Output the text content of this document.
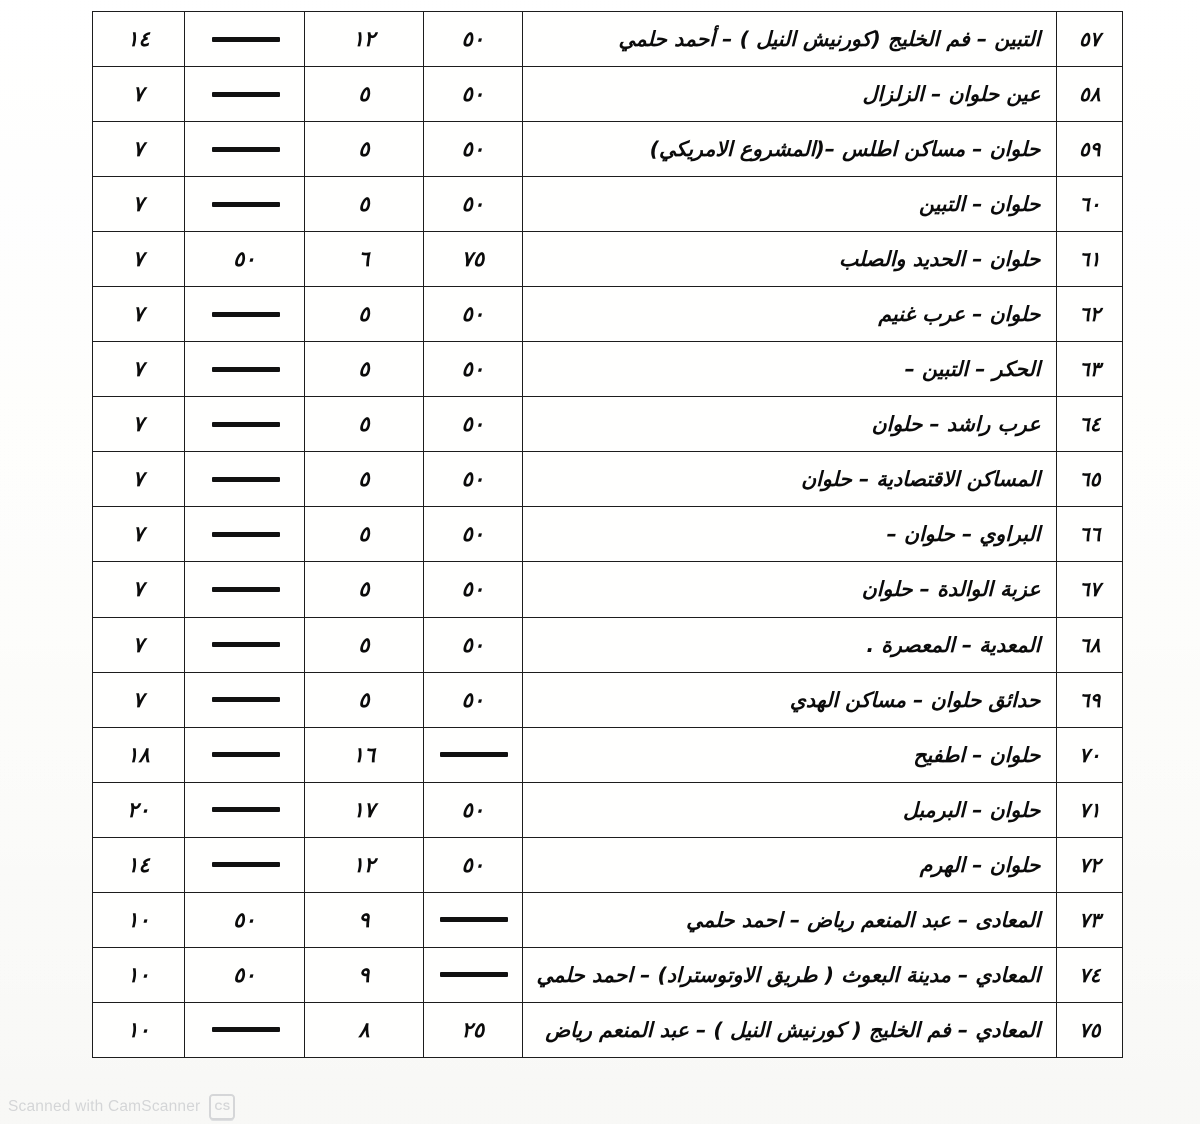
٥٧	التبين – فم الخليج (كورنيش النيل ) – أحمد حلمي	٥٠	١٢		١٤
٥٨	عين حلوان – الزلزال	٥٠	٥		٧
٥٩	حلوان – مساكن اطلس –(المشروع الامريكي)	٥٠	٥		٧
٦٠	حلوان – التبين	٥٠	٥		٧
٦١	حلوان – الحديد والصلب	٧٥	٦	٥٠	٧
٦٢	حلوان – عرب غنيم	٥٠	٥		٧
٦٣	الحكر – التبين –	٥٠	٥		٧
٦٤	عرب راشد – حلوان	٥٠	٥		٧
٦٥	المساكن الاقتصادية – حلوان	٥٠	٥		٧
٦٦	البراوي – حلوان –	٥٠	٥		٧
٦٧	عزبة الوالدة – حلوان	٥٠	٥		٧
٦٨	المعدية – المعصرة .	٥٠	٥		٧
٦٩	حدائق حلوان – مساكن الهدي	٥٠	٥		٧
٧٠	حلوان – اطفيح		١٦		١٨
٧١	حلوان – البرمبل	٥٠	١٧		٢٠
٧٢	حلوان – الهرم	٥٠	١٢		١٤
٧٣	المعادى – عبد المنعم رياض – احمد حلمي		٩	٥٠	١٠
٧٤	المعادي – مدينة البعوث ( طريق الاوتوستراد) – احمد حلمي		٩	٥٠	١٠
٧٥	المعادي – فم الخليج ( كورنيش النيل ) – عبد المنعم رياض	٢٥	٨		١٠
CS
Scanned with CamScanner
